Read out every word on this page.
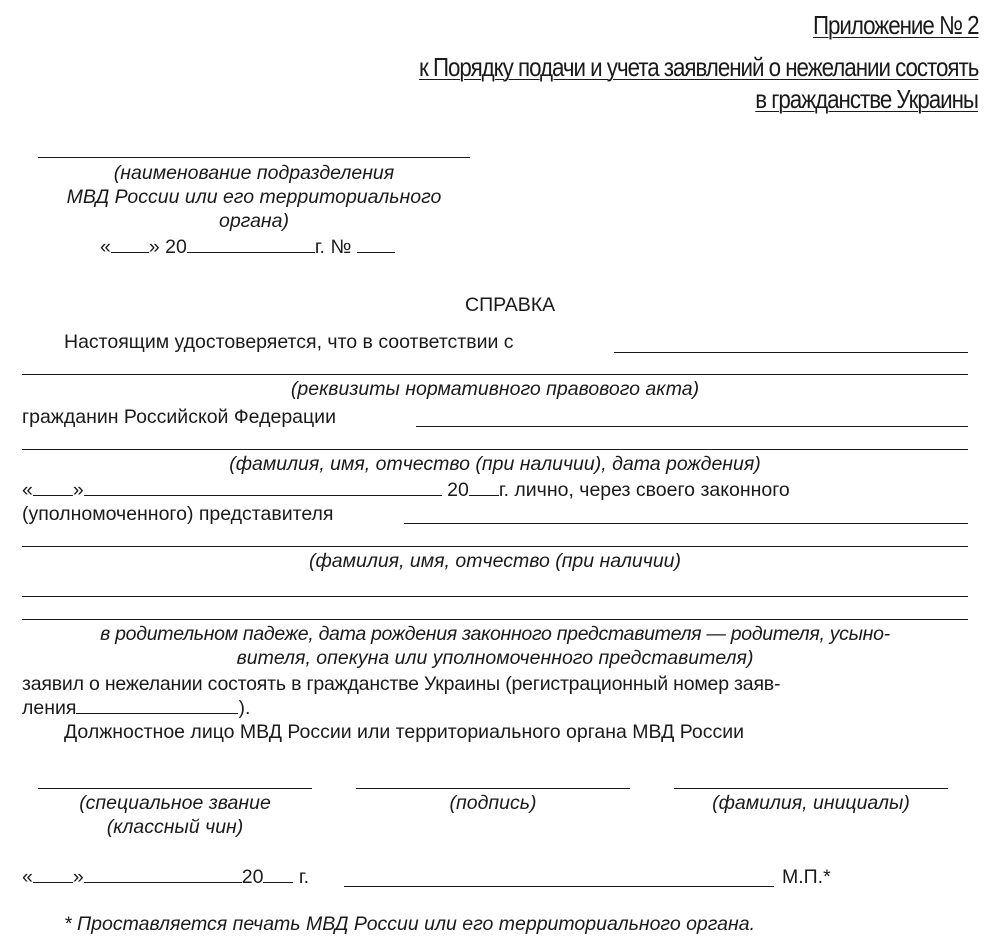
Приложение № 2
к Порядку подачи и учета заявлений о нежелании состоять
в гражданстве Украины
(наименование подразделения
МВД России или его территориального
органа)
« » 20	г. №
СПРАВКА
Настоящим удостоверяется, что в соответствии с
(реквизиты нормативного правового акта)
гражданин Российской Федерации
(фамилия, имя, отчество (при наличии), дата рождения)
« »	20 г. лично, через своего законного
(уполномоченного) представителя
(фамилия, имя, отчество (при наличии)
в родительном падеже, дата рождения законного представителя — родителя, усыно-
вителя, опекуна или уполномоченного представителя)
заявил о нежелании состоять в гражданстве Украины (регистрационный номер заяв-
ления	).
Должностное лицо МВД России или территориального органа МВД России
(специальное звание
(классный чин)
(подпись)	(фамилия, инициалы)
« »	20 г.	М.П.*
* Проставляется печать МВД России или его территориального органа.
